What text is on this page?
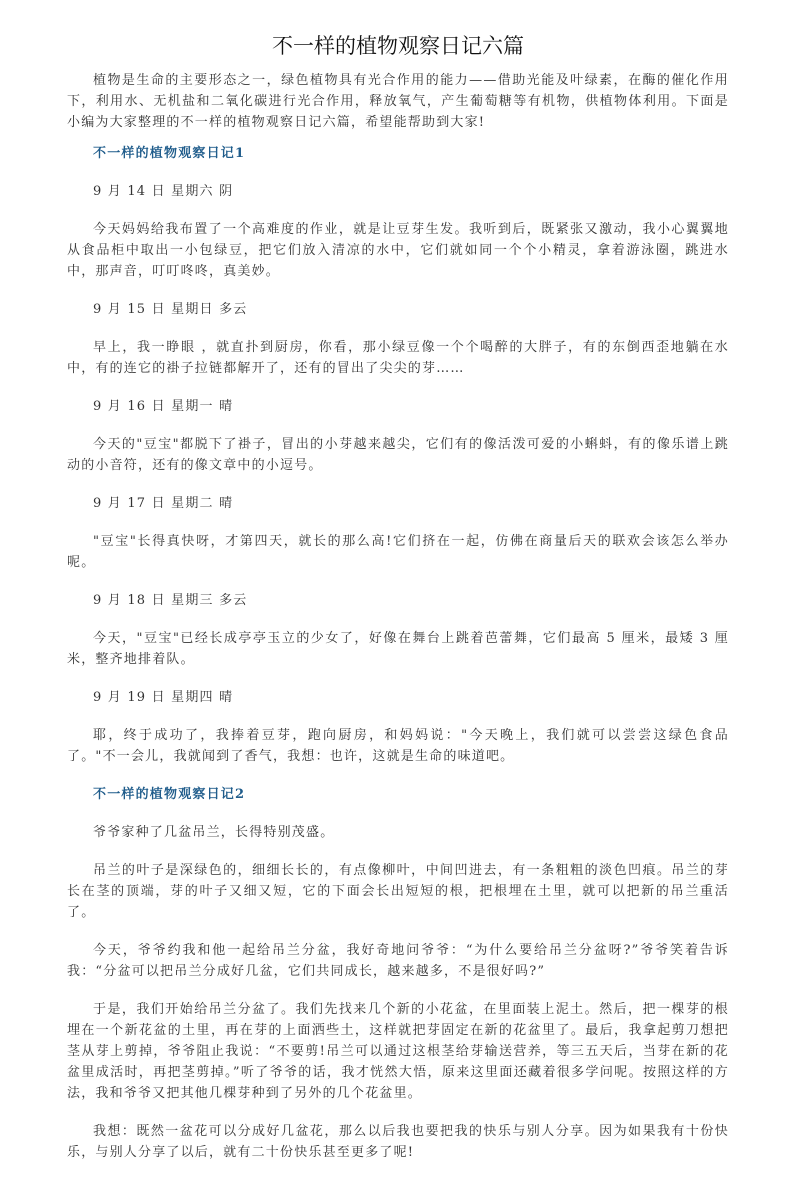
不一样的植物观察日记六篇

植物是生命的主要形态之一，绿色植物具有光合作用的能力——借助光能及叶绿素，在酶的催化作用下，利用水、无机盐和二氧化碳进行光合作用，释放氧气，产生葡萄糖等有机物，供植物体利用。下面是小编为大家整理的不一样的植物观察日记六篇，希望能帮助到大家!

不一样的植物观察日记1

9 月 14 日 星期六 阴

今天妈妈给我布置了一个高难度的作业，就是让豆芽生发。我听到后，既紧张又激动，我小心翼翼地从食品柜中取出一小包绿豆，把它们放入清凉的水中，它们就如同一个个小精灵，拿着游泳圈，跳进水中，那声音，叮叮咚咚，真美妙。

9 月 15 日 星期日 多云

早上，我一睁眼 ，就直扑到厨房，你看，那小绿豆像一个个喝醉的大胖子，有的东倒西歪地躺在水中，有的连它的褂子拉链都解开了，还有的冒出了尖尖的芽……

9 月 16 日 星期一 晴

今天的"豆宝"都脱下了褂子，冒出的小芽越来越尖，它们有的像活泼可爱的小蝌蚪，有的像乐谱上跳动的小音符，还有的像文章中的小逗号。

9 月 17 日 星期二 晴

"豆宝"长得真快呀，才第四天，就长的那么高!它们挤在一起，仿佛在商量后天的联欢会该怎么举办呢。

9 月 18 日 星期三 多云

今天，"豆宝"已经长成亭亭玉立的少女了，好像在舞台上跳着芭蕾舞，它们最高 5 厘米，最矮 3 厘米，整齐地排着队。

9 月 19 日 星期四 晴

耶，终于成功了，我捧着豆芽，跑向厨房，和妈妈说："今天晚上，我们就可以尝尝这绿色食品了。"不一会儿，我就闻到了香气，我想：也许，这就是生命的味道吧。

不一样的植物观察日记2

爷爷家种了几盆吊兰，长得特别茂盛。

吊兰的叶子是深绿色的，细细长长的，有点像柳叶，中间凹进去，有一条粗粗的淡色凹痕。吊兰的芽长在茎的顶端，芽的叶子又细又短，它的下面会长出短短的根，把根埋在土里，就可以把新的吊兰重活了。

今天，爷爷约我和他一起给吊兰分盆，我好奇地问爷爷：“为什么要给吊兰分盆呀?”爷爷笑着告诉我：“分盆可以把吊兰分成好几盆，它们共同成长，越来越多，不是很好吗?”

于是，我们开始给吊兰分盆了。我们先找来几个新的小花盆，在里面装上泥土。然后，把一棵芽的根埋在一个新花盆的土里，再在芽的上面洒些土，这样就把芽固定在新的花盆里了。最后，我拿起剪刀想把茎从芽上剪掉，爷爷阻止我说：“不要剪!吊兰可以通过这根茎给芽输送营养，等三五天后，当芽在新的花盆里成活时，再把茎剪掉。”听了爷爷的话，我才恍然大悟，原来这里面还藏着很多学问呢。按照这样的方法，我和爷爷又把其他几棵芽种到了另外的几个花盆里。

我想：既然一盆花可以分成好几盆花，那么以后我也要把我的快乐与别人分享。因为如果我有十份快乐，与别人分享了以后，就有二十份快乐甚至更多了呢!
